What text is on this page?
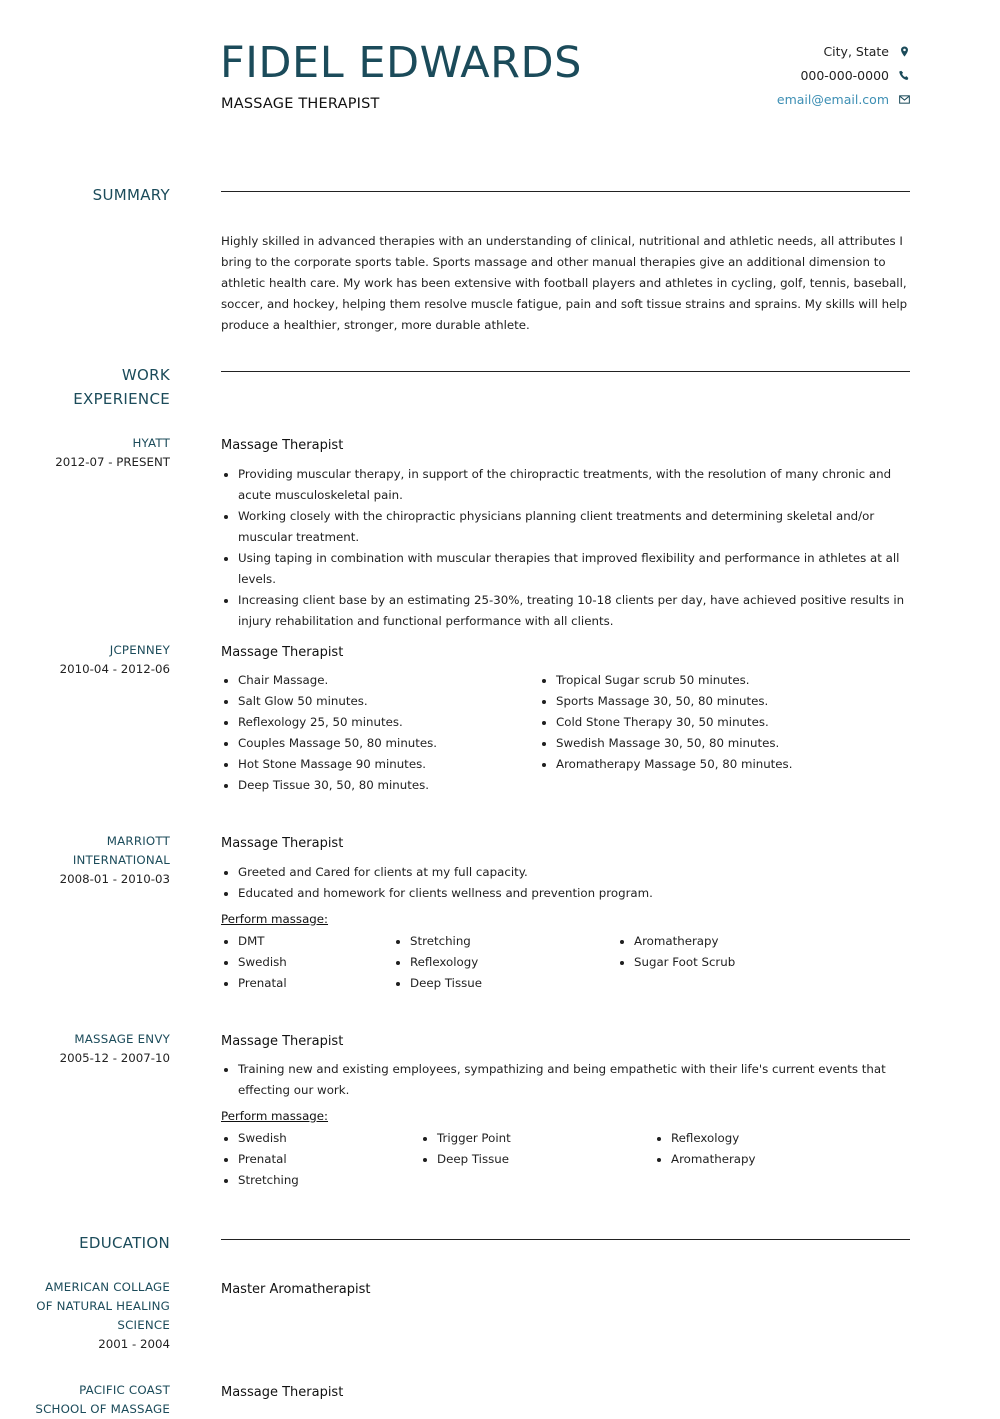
FIDEL EDWARDS
MASSAGE THERAPIST
City, State
000-000-0000
email@email.com
SUMMARY

Highly skilled in advanced therapies with an understanding of clinical, nutritional and athletic needs, all attributes I bring to the corporate sports table. Sports massage and other manual therapies give an additional dimension to athletic health care. My work has been extensive with football players and athletes in cycling, golf, tennis, baseball, soccer, and hockey, helping them resolve muscle fatigue, pain and soft tissue strains and sprains. My skills will help produce a healthier, stronger, more durable athlete.

WORK
EXPERIENCE
HYATT
2012-07 - PRESENT
Massage Therapist
• Providing muscular therapy, in support of the chiropractic treatments, with the resolution of many chronic and acute musculoskeletal pain.
• Working closely with the chiropractic physicians planning client treatments and determining skeletal and/or muscular treatment.
• Using taping in combination with muscular therapies that improved flexibility and performance in athletes at all levels.
• Increasing client base by an estimating 25-30%, treating 10-18 clients per day, have achieved positive results in injury rehabilitation and functional performance with all clients.
JCPENNEY
2010-04 - 2012-06
Massage Therapist
• Chair Massage.
• Salt Glow 50 minutes.
• Reflexology 25, 50 minutes.
• Couples Massage 50, 80 minutes.
• Hot Stone Massage 90 minutes.
• Deep Tissue 30, 50, 80 minutes.
• Tropical Sugar scrub 50 minutes.
• Sports Massage 30, 50, 80 minutes.
• Cold Stone Therapy 30, 50 minutes.
• Swedish Massage 30, 50, 80 minutes.
• Aromatherapy Massage 50, 80 minutes.
MARRIOTT
INTERNATIONAL
2008-01 - 2010-03
Massage Therapist
• Greeted and Cared for clients at my full capacity.
• Educated and homework for clients wellness and prevention program.
Perform massage:
• DMT
• Swedish
• Prenatal
• Stretching
• Reflexology
• Deep Tissue
• Aromatherapy
• Sugar Foot Scrub
MASSAGE ENVY
2005-12 - 2007-10
Massage Therapist
• Training new and existing employees, sympathizing and being empathetic with their life's current events that effecting our work.
Perform massage:
• Swedish
• Prenatal
• Stretching
• Trigger Point
• Deep Tissue
• Reflexology
• Aromatherapy
EDUCATION
AMERICAN COLLAGE
OF NATURAL HEALING
SCIENCE
2001 - 2004
Master Aromatherapist
PACIFIC COAST
SCHOOL OF MASSAGE
Massage Therapist
